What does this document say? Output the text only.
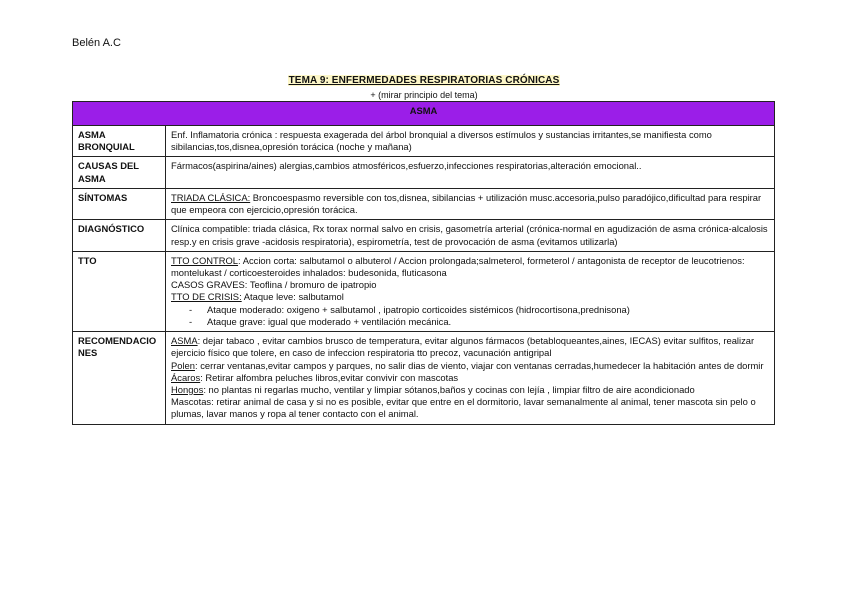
Belén A.C
TEMA 9: ENFERMEDADES RESPIRATORIAS CRÓNICAS
+ (mirar principio del tema)
ASMA	
ASMA BRONQUIAL	Enf. Inflamatoria crónica : respuesta exagerada del árbol bronquial a diversos estímulos y sustancias irritantes,se manifiesta como sibilancias,tos,disnea,opresión torácica (noche y mañana)
CAUSAS DEL ASMA	Fármacos(aspirina/aines) alergias,cambios atmosféricos,esfuerzo,infecciones respiratorias,alteración emocional..
SÍNTOMAS	TRIADA CLÁSICA: Broncoespasmo reversible con tos,disnea, sibilancias + utilización musc.accesoria,pulso paradójico,dificultad para respirar que empeora con ejercicio,opresión torácica.
DIAGNÓSTICO	Clínica compatible: triada clásica, Rx torax normal salvo en crisis, gasometría arterial (crónica-normal en agudización de asma crónica-alcalosis resp.y en crisis grave -acidosis respiratoria), espirometría, test de provocación de asma (evitamos utilizarla)
TTO	TTO CONTROL: Accion corta: salbutamol o albuterol / Accion prolongada;salmeterol, formeterol / antagonista de receptor de leucotrienos: montelukast / corticoesteroides inhalados: budesonida, fluticasona
CASOS GRAVES: Teoflina / bromuro de ipatropio
TTO DE CRISIS: Ataque leve: salbutamol
- Ataque moderado: oxigeno + salbutamol , ipatropio corticoides sistémicos (hidrocortisona,prednisona)
- Ataque grave: igual que moderado + ventilación mecánica.

RECOMENDACIONES	ASMA: dejar tabaco , evitar cambios brusco de temperatura, evitar algunos fármacos (betabloqueantes,aines, IECAS) evitar sulfitos, realizar ejercicio físico que tolere, en caso de infeccion respiratoria tto precoz, vacunación antigripal
Polen: cerrar ventanas,evitar campos y parques, no salir dias de viento, viajar con ventanas cerradas,humedecer la habitación antes de dormir
Ácaros: Retirar alfombra peluches libros,evitar convivir con mascotas
Hongos: no plantas ni regarlas mucho, ventilar y limpiar sótanos,baños y cocinas con lejía , limpiar filtro de aire acondicionado
Mascotas: retirar animal de casa y si no es posible, evitar que entre en el dormitorio, lavar semanalmente al animal, tener mascota sin pelo o plumas, lavar manos y ropa al tener contacto con el animal.
